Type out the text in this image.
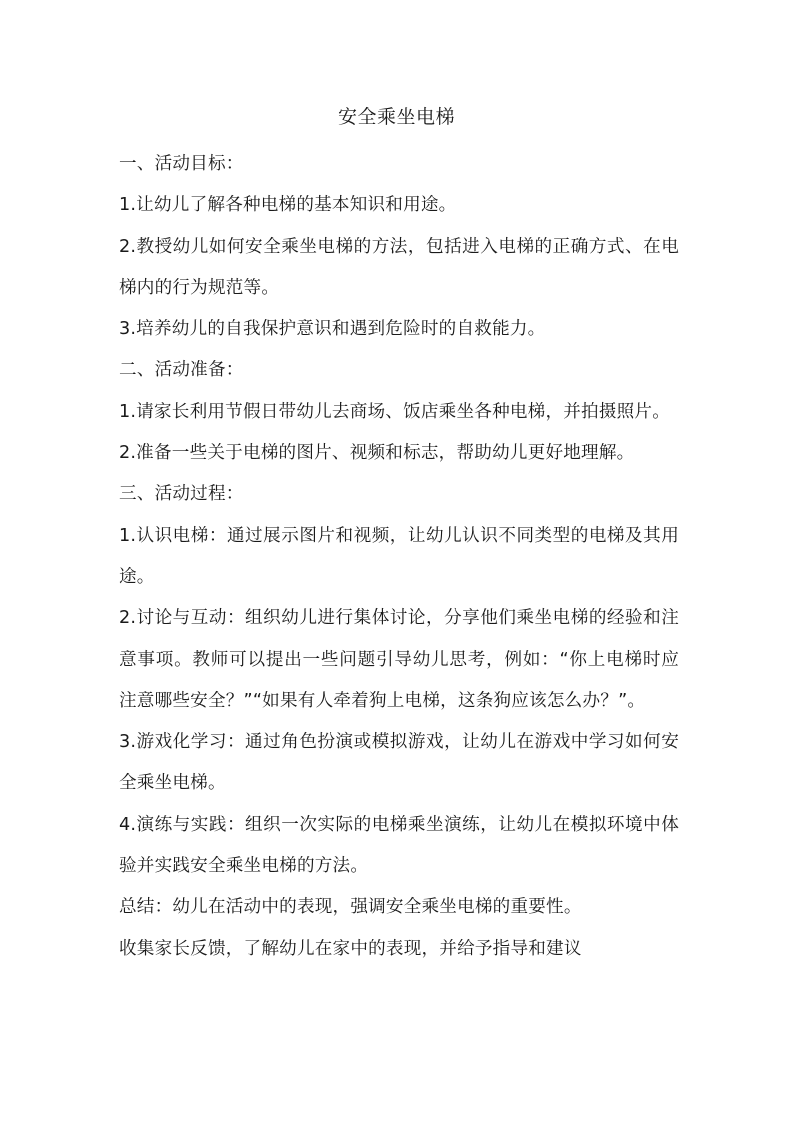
安全乘坐电梯

一、活动目标：

1.让幼儿了解各种电梯的基本知识和用途。

2.教授幼儿如何安全乘坐电梯的方法，包括进入电梯的正确方式、在电梯内的行为规范等。

3.培养幼儿的自我保护意识和遇到危险时的自救能力。

二、活动准备：

1.请家长利用节假日带幼儿去商场、饭店乘坐各种电梯，并拍摄照片。

2.准备一些关于电梯的图片、视频和标志，帮助幼儿更好地理解。

三、活动过程：

1.认识电梯：通过展示图片和视频，让幼儿认识不同类型的电梯及其用途。

2.讨论与互动：组织幼儿进行集体讨论，分享他们乘坐电梯的经验和注意事项。教师可以提出一些问题引导幼儿思考，例如：“你上电梯时应注意哪些安全？”“如果有人牵着狗上电梯，这条狗应该怎么办？”。

3.游戏化学习：通过角色扮演或模拟游戏，让幼儿在游戏中学习如何安全乘坐电梯。

4.演练与实践：组织一次实际的电梯乘坐演练，让幼儿在模拟环境中体验并实践安全乘坐电梯的方法。

总结：幼儿在活动中的表现，强调安全乘坐电梯的重要性。

收集家长反馈，了解幼儿在家中的表现，并给予指导和建议
